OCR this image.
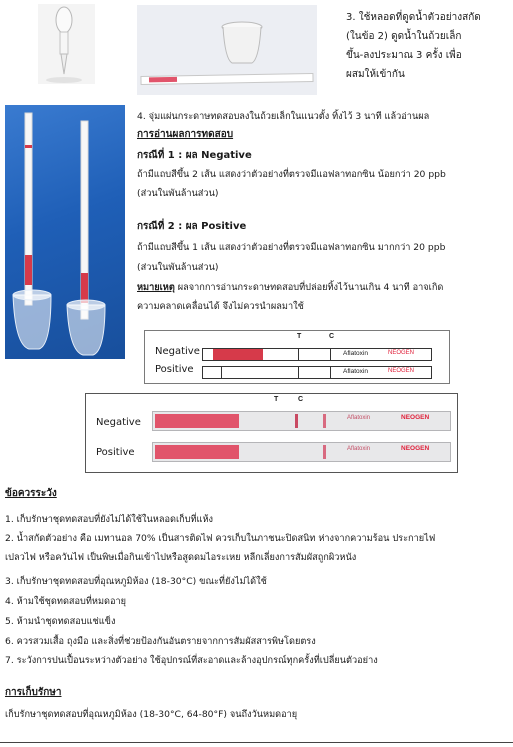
3. ใช้หลอดที่ดูดน้ำตัวอย่างสกัด
(ในข้อ 2) ดูดน้ำในถ้วยเล็ก
ขึ้น-ลงประมาณ 3 ครั้ง เพื่อ
ผสมให้เข้ากัน
4. จุ่มแผ่นกระดาษทดสอบลงในถ้วยเล็กในแนวตั้ง ทิ้งไว้ 3 นาที แล้วอ่านผล
การอ่านผลการทดสอบ
กรณีที่ 1 : ผล Negative
ถ้ามีแถบสีขึ้น 2 เส้น แสดงว่าตัวอย่างที่ตรวจมีแอฟลาทอกซิน น้อยกว่า 20 ppb
(ส่วนในพันล้านส่วน)
กรณีที่ 2 : ผล Positive
ถ้ามีแถบสีขึ้น 1 เส้น แสดงว่าตัวอย่างที่ตรวจมีแอฟลาทอกซิน มากกว่า 20 ppb
(ส่วนในพันล้านส่วน)
หมายเหตุ ผลจากการอ่านกระดาษทดสอบที่ปล่อยทิ้งไว้นานเกิน 4 นาที อาจเกิด
ความคลาดเคลื่อนได้ จึงไม่ควรนำผลมาใช้
T	C
Negative	Aflatoxin	NEOGEN
Positive	Aflatoxin	NEOGEN
T	C
Negative	Aflatoxin	NEOGEN
Positive	Aflatoxin	NEOGEN
ข้อควรระวัง
1. เก็บรักษาชุดทดสอบที่ยังไม่ได้ใช้ในหลอดเก็บที่แห้ง
2. น้ำสกัดตัวอย่าง คือ เมทานอล 70% เป็นสารติดไฟ ควรเก็บในภาชนะปิดสนิท ห่างจากความร้อน ประกายไฟ
เปลวไฟ หรือควันไฟ เป็นพิษเมื่อกินเข้าไปหรือสูดดมไอระเหย หลีกเลี่ยงการสัมผัสถูกผิวหนัง
3. เก็บรักษาชุดทดสอบที่อุณหภูมิห้อง (18-30°C) ขณะที่ยังไม่ได้ใช้
4. ห้ามใช้ชุดทดสอบที่หมดอายุ
5. ห้ามนำชุดทดสอบแช่แข็ง
6. ควรสวมเสื้อ ถุงมือ และสิ่งที่ช่วยป้องกันอันตรายจากการสัมผัสสารพิษโดยตรง
7. ระวังการปนเปื้อนระหว่างตัวอย่าง ใช้อุปกรณ์ที่สะอาดและล้างอุปกรณ์ทุกครั้งที่เปลี่ยนตัวอย่าง
การเก็บรักษา
เก็บรักษาชุดทดสอบที่อุณหภูมิห้อง (18-30°C, 64-80°F) จนถึงวันหมดอายุ
